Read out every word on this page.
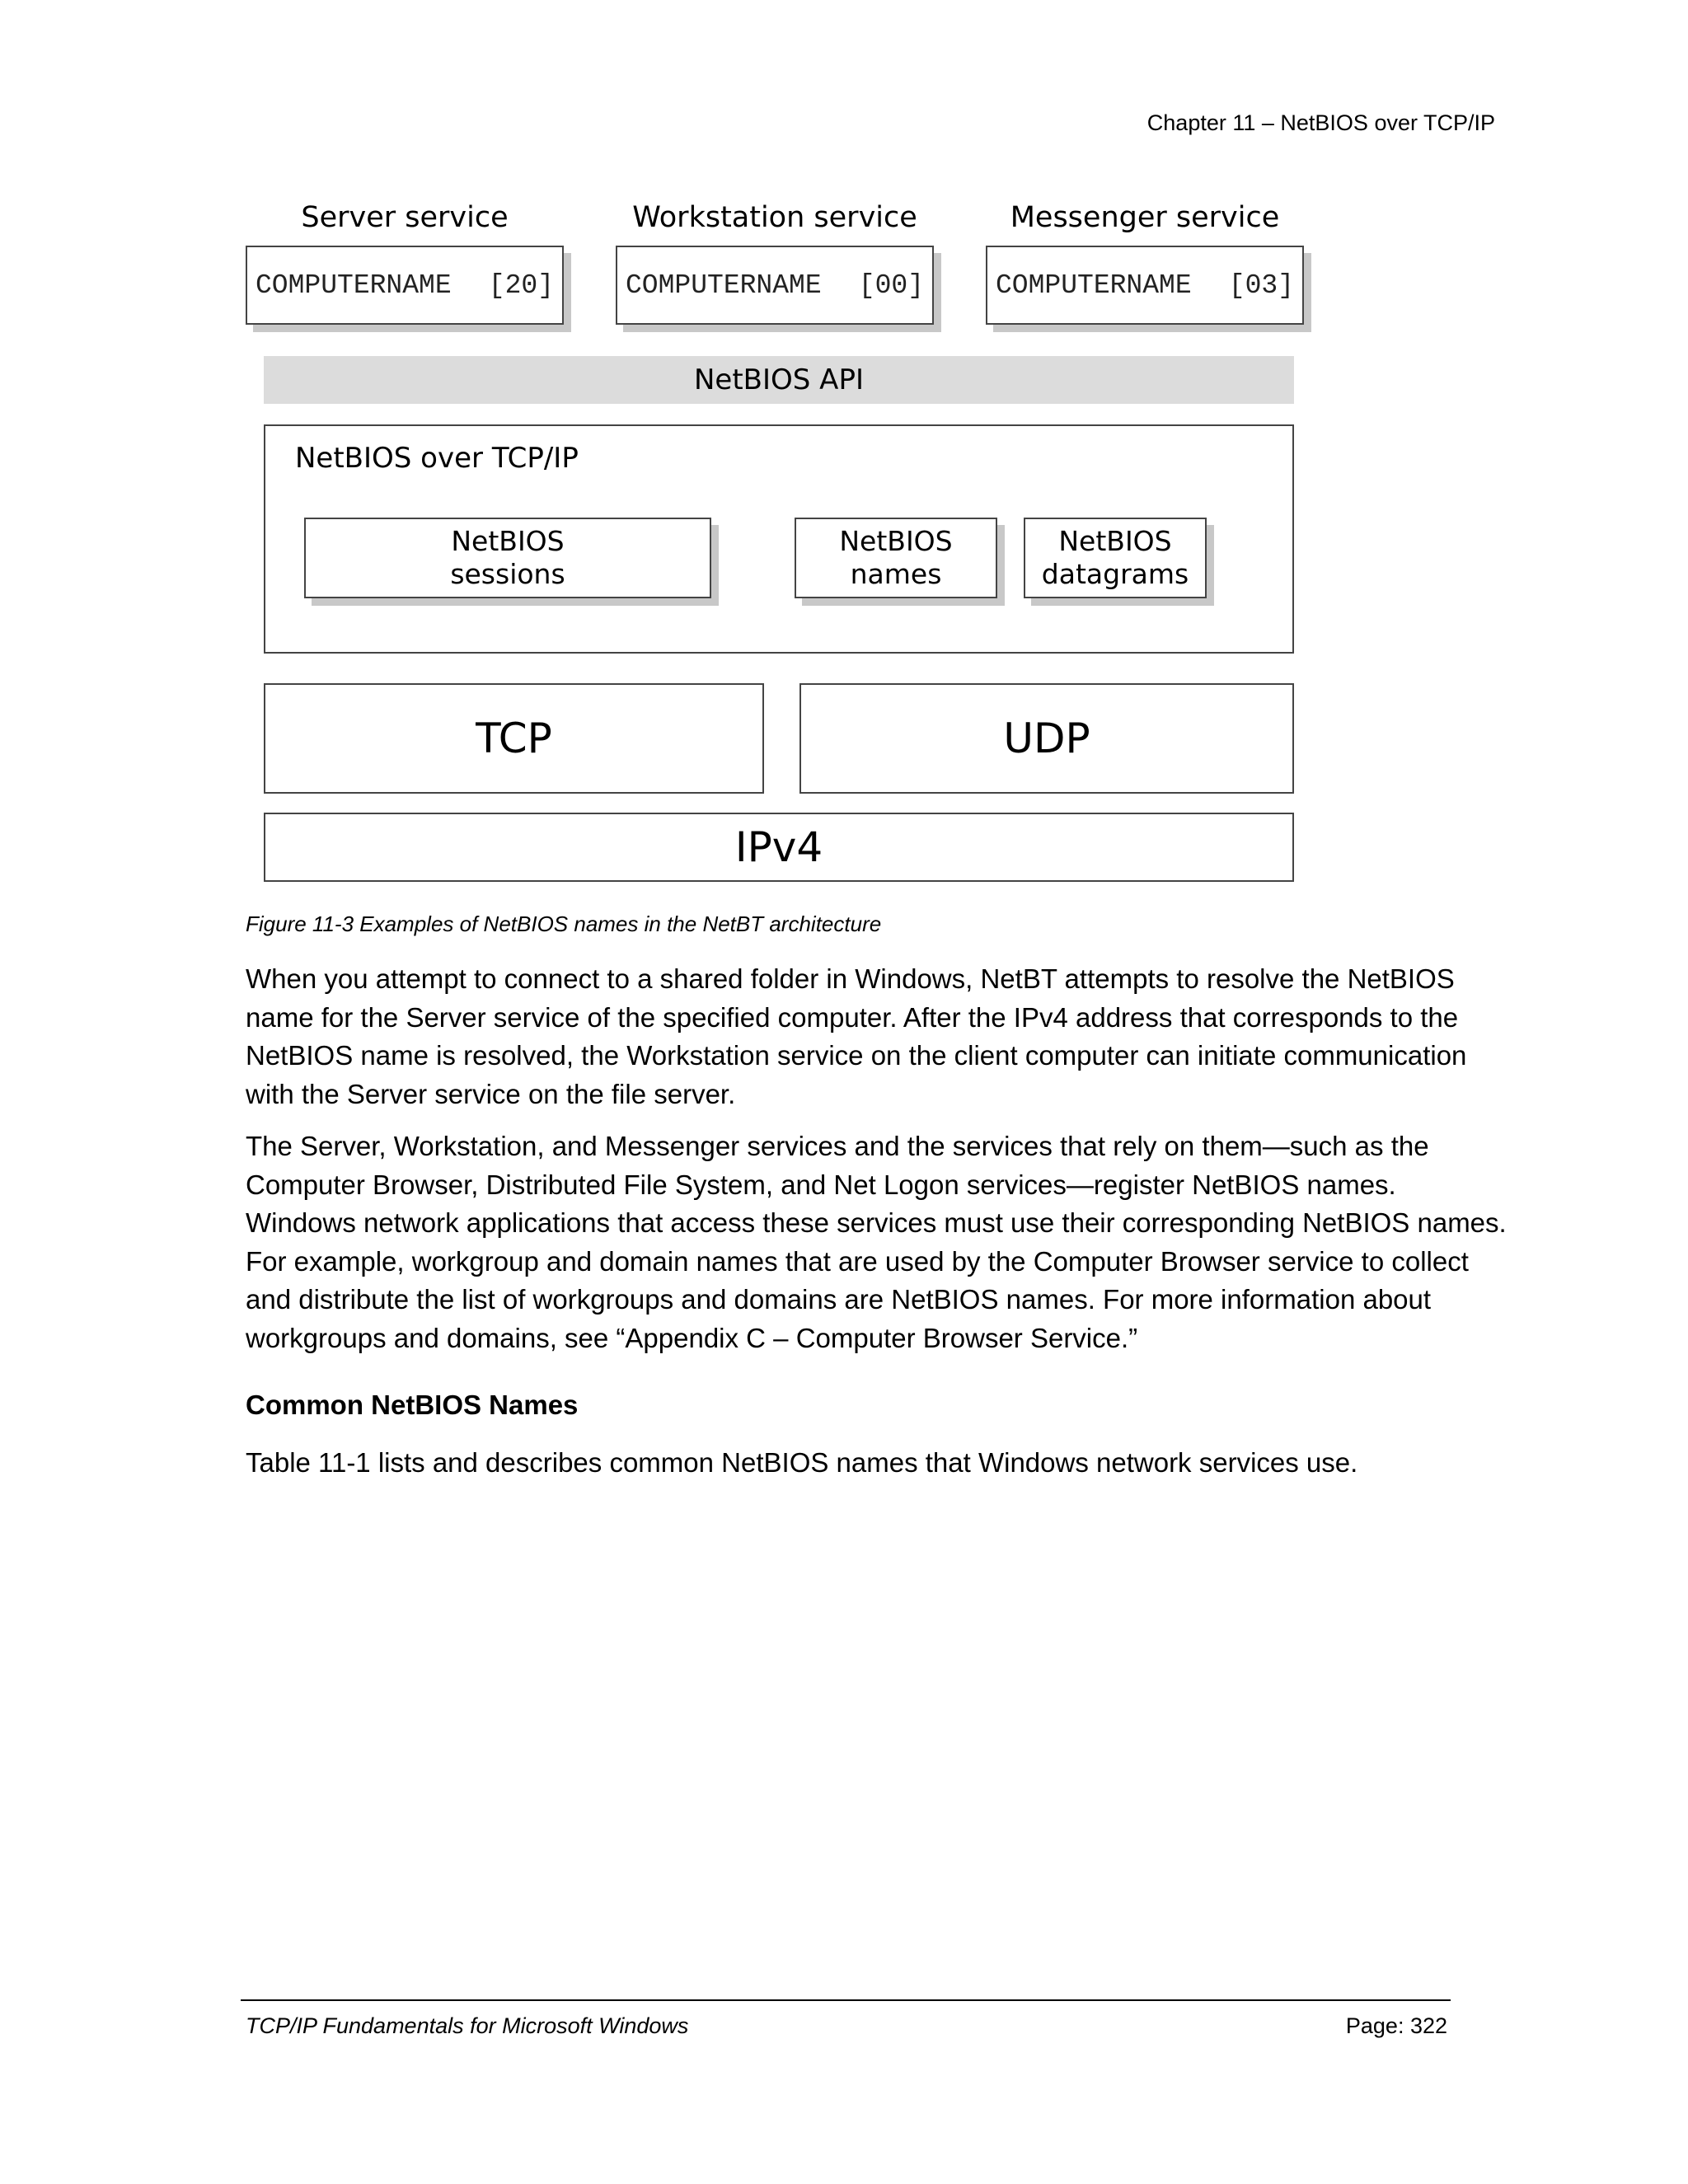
Chapter 11 – NetBIOS over TCP/IP
Server service	Workstation service	Messenger service
COMPUTERNAME [20]	COMPUTERNAME [00]	COMPUTERNAME [03]
NetBIOS API
NetBIOS over TCP/IP
NetBIOS
sessions
NetBIOS
names
NetBIOS
datagrams
TCP	UDP
IPv4
Figure 11-3 Examples of NetBIOS names in the NetBT architecture

When you attempt to connect to a shared folder in Windows, NetBT attempts to resolve the NetBIOS name for the Server service of the specified computer. After the IPv4 address that corresponds to the NetBIOS name is resolved, the Workstation service on the client computer can initiate communication with the Server service on the file server.

The Server, Workstation, and Messenger services and the services that rely on them—such as the Computer Browser, Distributed File System, and Net Logon services—register NetBIOS names. Windows network applications that access these services must use their corresponding NetBIOS names. For example, workgroup and domain names that are used by the Computer Browser service to collect and distribute the list of workgroups and domains are NetBIOS names. For more information about workgroups and domains, see “Appendix C – Computer Browser Service.”

Common NetBIOS Names

Table 11-1 lists and describes common NetBIOS names that Windows network services use.

TCP/IP Fundamentals for Microsoft Windows	Page: 322
